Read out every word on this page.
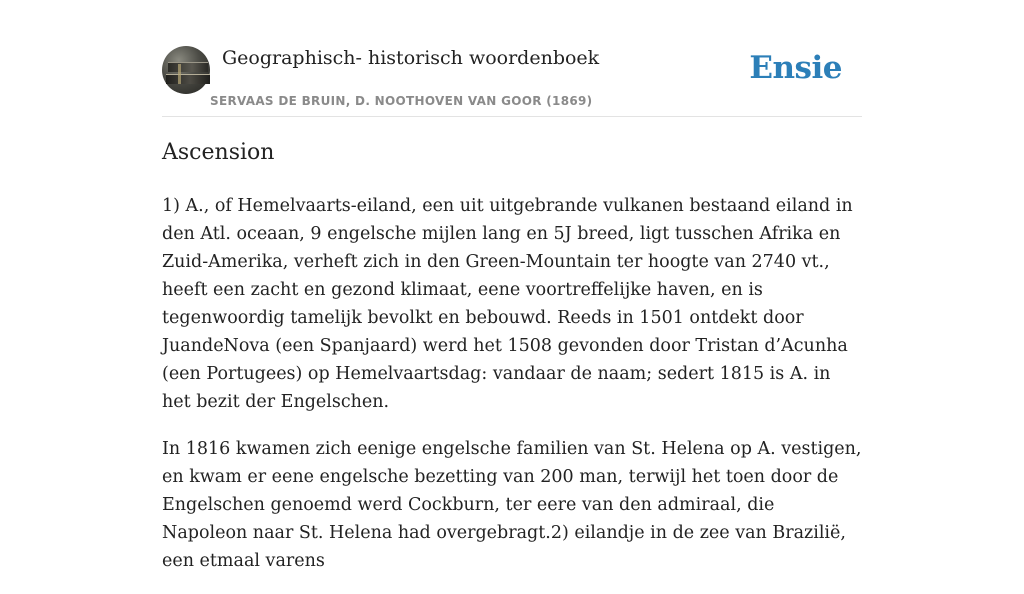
Geographisch- historisch woordenboek
SERVAAS DE BRUIN, D. NOOTHOVEN VAN GOOR (1869)
Ensie
Ascension

1) A., of Hemelvaarts-eiland, een uit uitgebrande vulkanen bestaand eiland in den Atl. oceaan, 9 engelsche mijlen lang en 5J breed, ligt tusschen Afrika en Zuid-Amerika, verheft zich in den Green-Mountain ter hoogte van 2740 vt., heeft een zacht en gezond klimaat, eene voortreffelijke haven, en is tegenwoordig tamelijk bevolkt en bebouwd. Reeds in 1501 ontdekt door JuandeNova (een Spanjaard) werd het 1508 gevonden door Tristan d’Acunha (een Portugees) op Hemelvaartsdag: vandaar de naam; sedert 1815 is A. in het bezit der Engelschen.

In 1816 kwamen zich eenige engelsche familien van St. Helena op A. vestigen, en kwam er eene engelsche bezetting van 200 man, terwijl het toen door de Engelschen genoemd werd Cockburn, ter eere van den admiraal, die Napoleon naar St. Helena had overgebragt.2) eilandje in de zee van Brazilië, een etmaal varens
